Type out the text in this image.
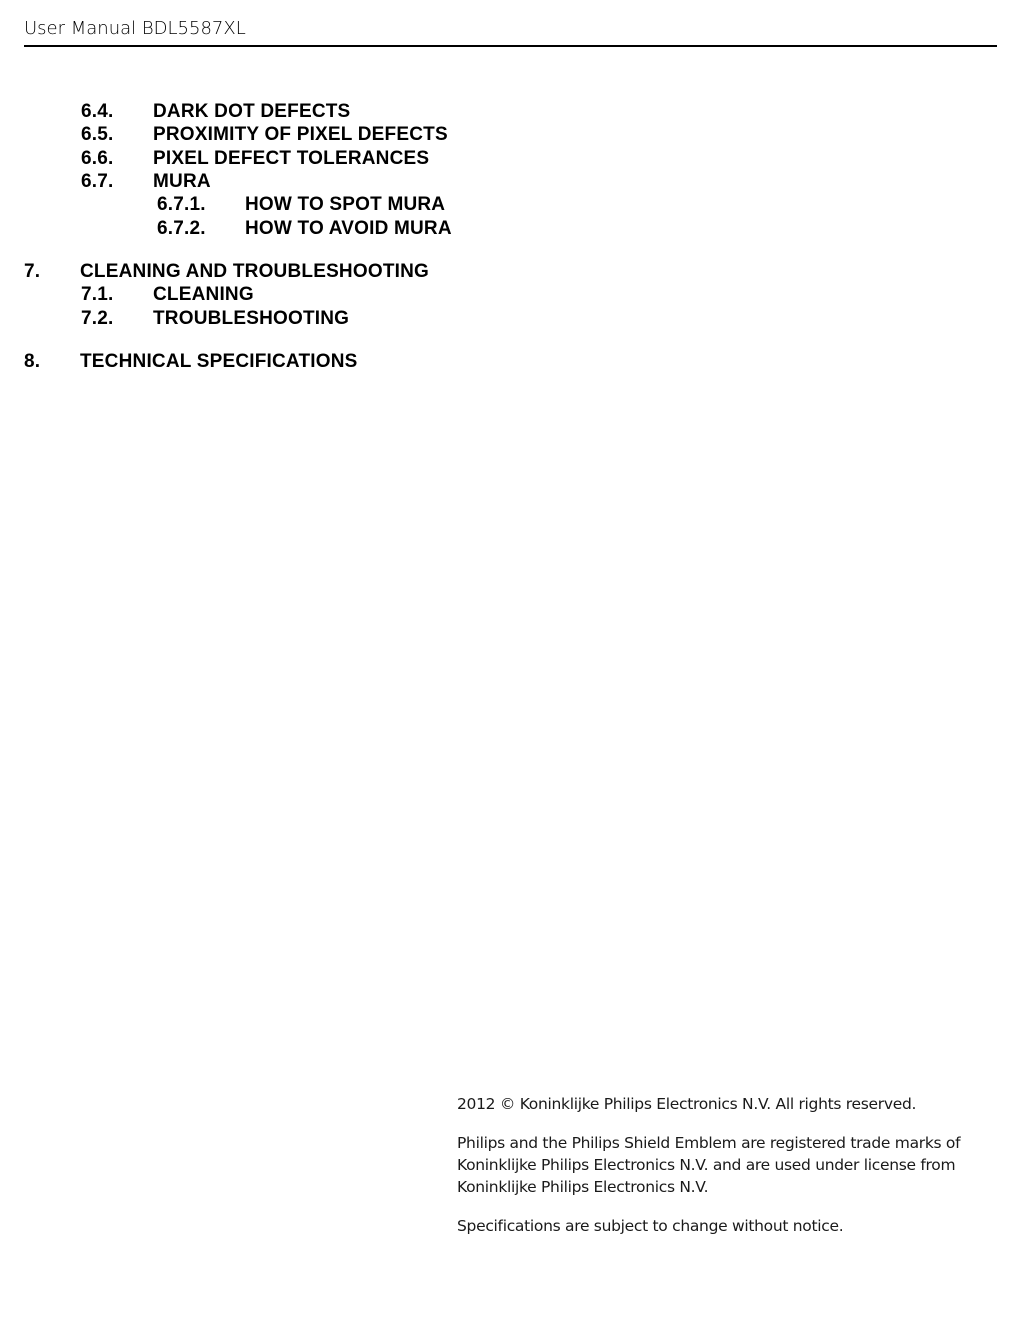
User Manual BDL5587XL
6.4. DARK DOT DEFECTS
6.5. PROXIMITY OF PIXEL DEFECTS
6.6. PIXEL DEFECT TOLERANCES
6.7. MURA
6.7.1. HOW TO SPOT MURA
6.7.2. HOW TO AVOID MURA
7. CLEANING AND TROUBLESHOOTING
7.1. CLEANING
7.2. TROUBLESHOOTING
8. TECHNICAL SPECIFICATIONS

2012 © Koninklijke Philips Electronics N.V. All rights reserved.

Philips and the Philips Shield Emblem are registered trade marks of

Koninklijke Philips Electronics N.V. and are used under license from

Koninklijke Philips Electronics N.V.

Specifications are subject to change without notice.
